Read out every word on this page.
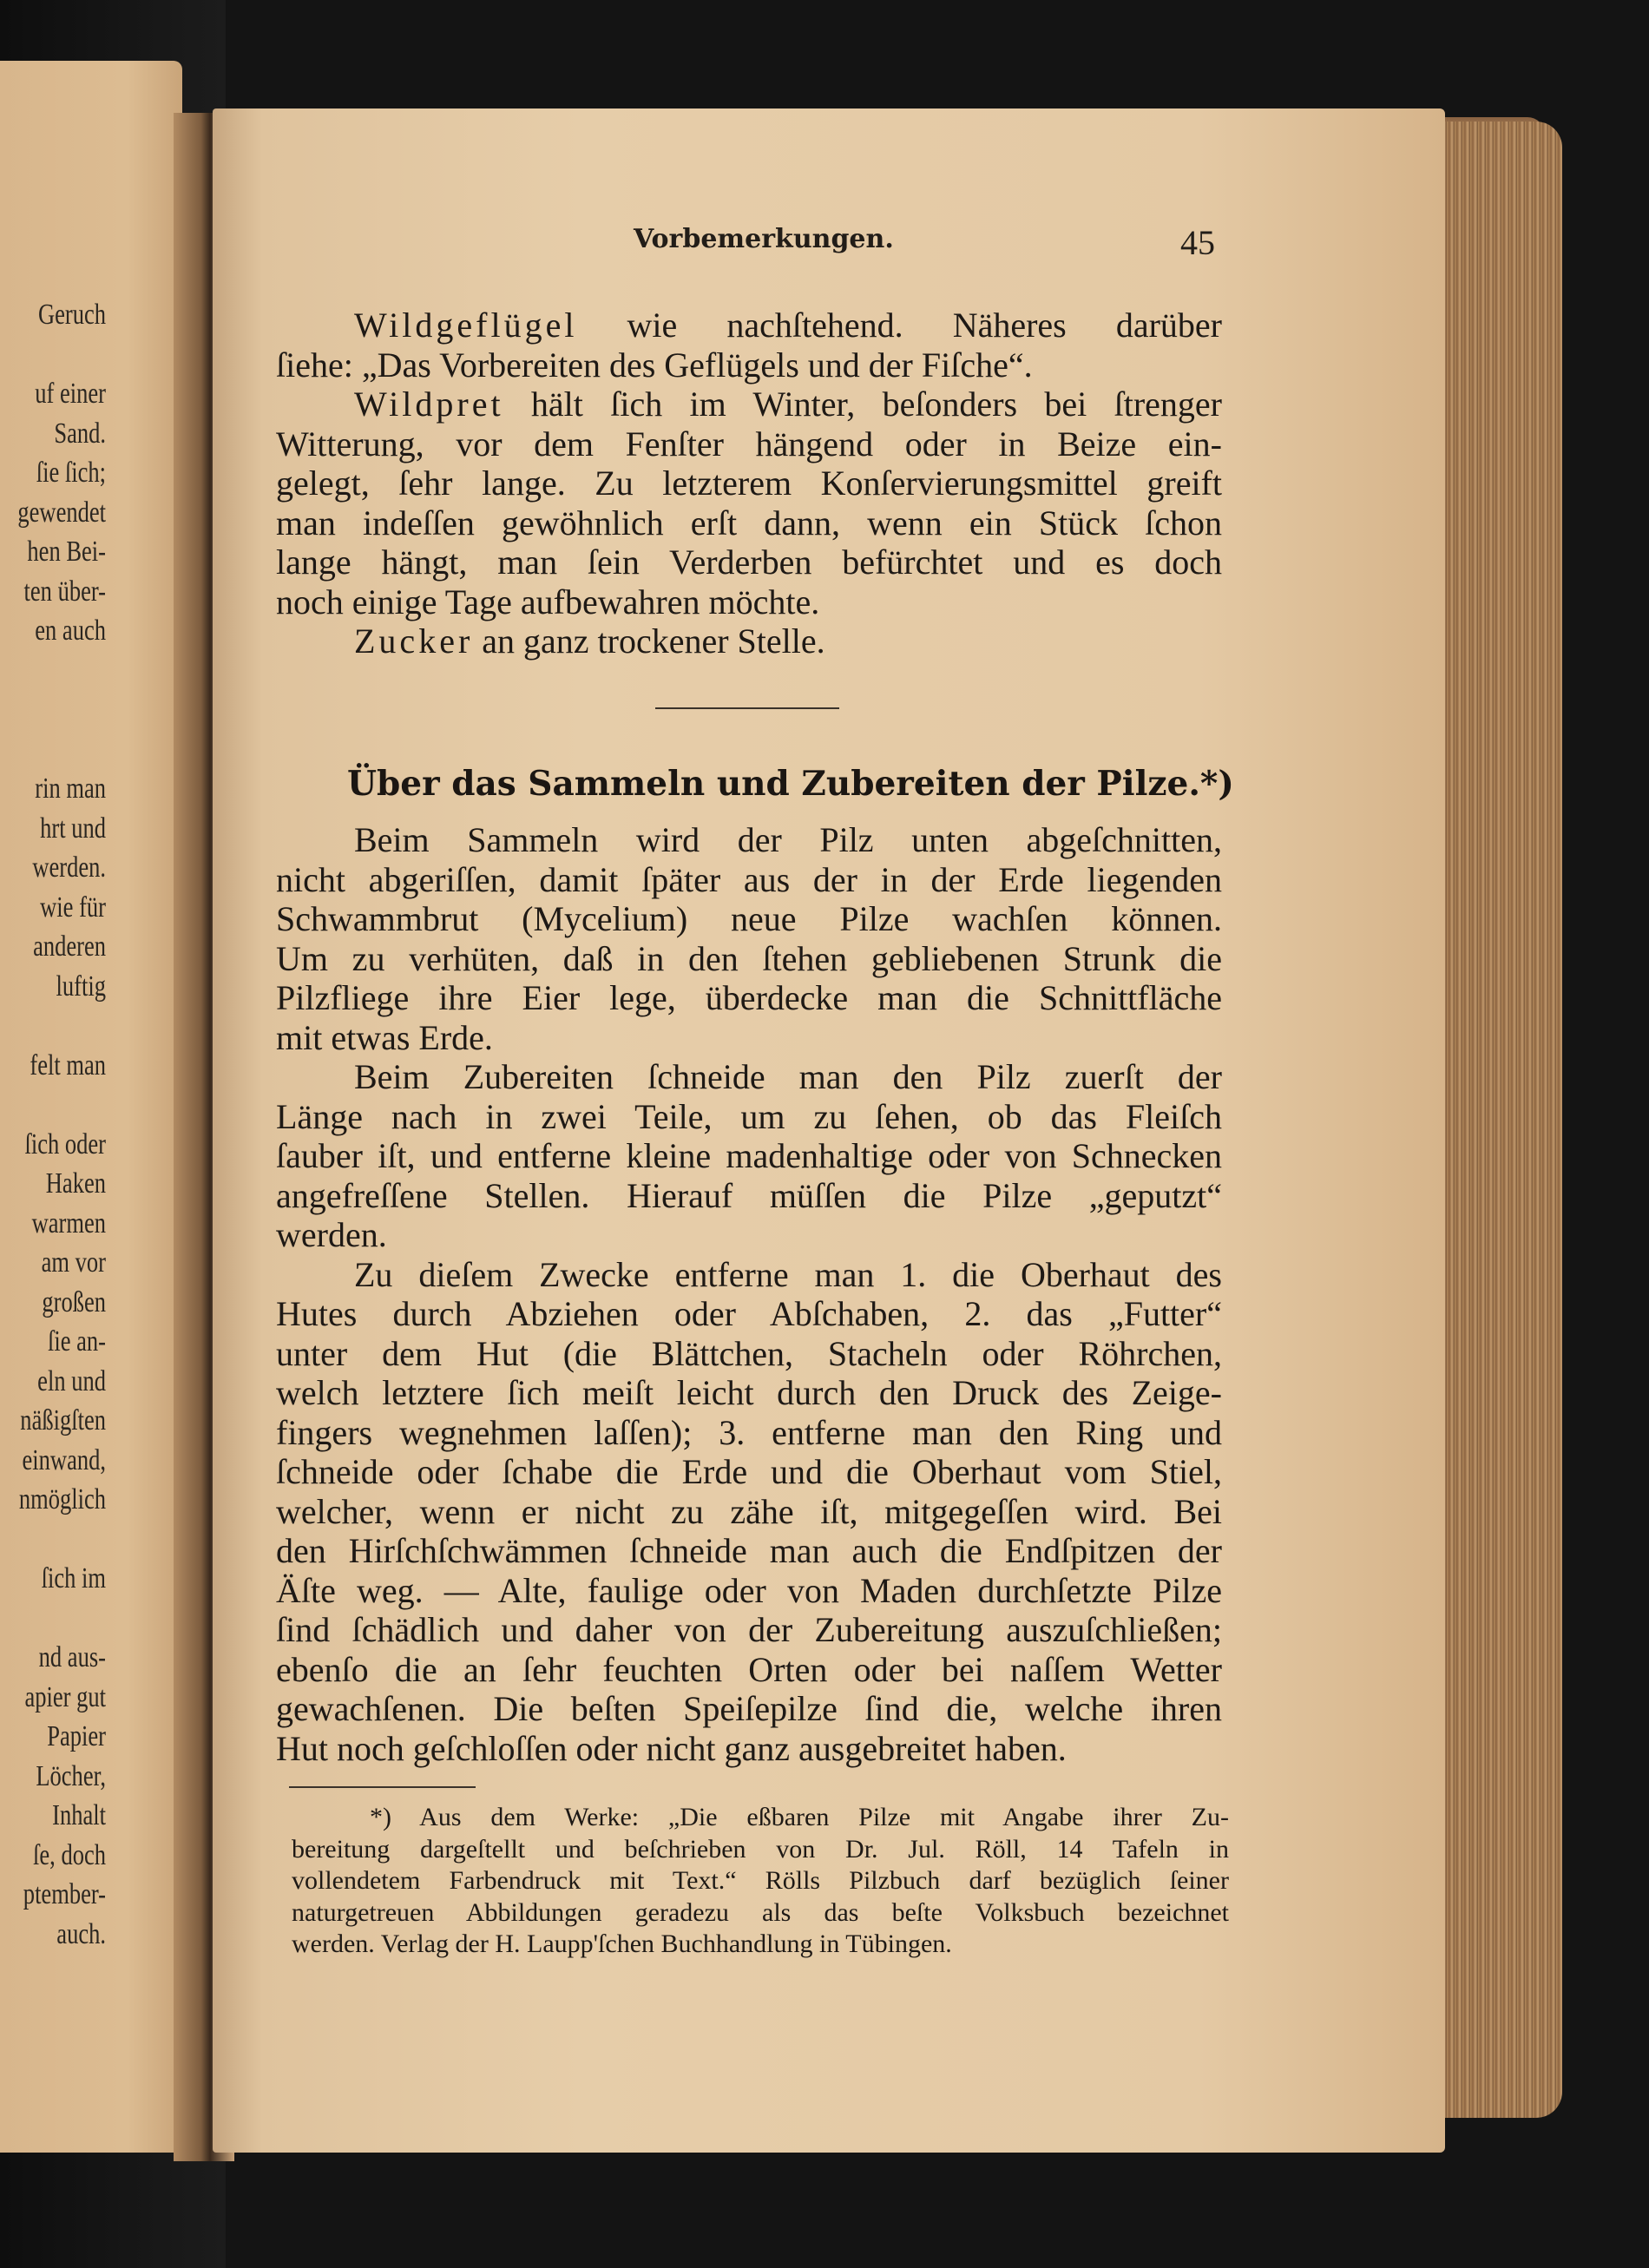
Geruch
uf einer
Sand.
ſie ſich;
gewendet
hen Bei-
ten über-
en auch
rin man
hrt und
werden.
wie für
anderen
luftig
felt man
ſich oder
Haken
warmen
am vor
großen
ſie an-
eln und
näßigſten
einwand,
nmöglich
ſich im
nd aus-
apier gut
Papier
Löcher,
Inhalt
ſe, doch
ptember-
auch.
Vorbemerkungen.	45
Wildgeflügel wie nachſtehend. Näheres darüber
ſiehe: „Das Vorbereiten des Geflügels und der Fiſche“.
Wildpret hält ſich im Winter, beſonders bei ſtrenger
Witterung, vor dem Fenſter hängend oder in Beize ein-
gelegt, ſehr lange. Zu letzterem Konſervierungsmittel greift
man indeſſen gewöhnlich erſt dann, wenn ein Stück ſchon
lange hängt, man ſein Verderben befürchtet und es doch
noch einige Tage aufbewahren möchte.
Zucker an ganz trockener Stelle.
Über das Sammeln und Zubereiten der Pilze.*)
Beim Sammeln wird der Pilz unten abgeſchnitten,
nicht abgeriſſen, damit ſpäter aus der in der Erde liegenden
Schwammbrut (Mycelium) neue Pilze wachſen können.
Um zu verhüten, daß in den ſtehen gebliebenen Strunk die
Pilzfliege ihre Eier lege, überdecke man die Schnittfläche
mit etwas Erde.
Beim Zubereiten ſchneide man den Pilz zuerſt der
Länge nach in zwei Teile, um zu ſehen, ob das Fleiſch
ſauber iſt, und entferne kleine madenhaltige oder von Schnecken
angefreſſene Stellen. Hierauf müſſen die Pilze „geputzt“
werden.
Zu dieſem Zwecke entferne man 1. die Oberhaut des
Hutes durch Abziehen oder Abſchaben, 2. das „Futter“
unter dem Hut (die Blättchen, Stacheln oder Röhrchen,
welch letztere ſich meiſt leicht durch den Druck des Zeige-
fingers wegnehmen laſſen); 3. entferne man den Ring und
ſchneide oder ſchabe die Erde und die Oberhaut vom Stiel,
welcher, wenn er nicht zu zähe iſt, mitgegeſſen wird. Bei
den Hirſchſchwämmen ſchneide man auch die Endſpitzen der
Äſte weg. — Alte, faulige oder von Maden durchſetzte Pilze
ſind ſchädlich und daher von der Zubereitung auszuſchließen;
ebenſo die an ſehr feuchten Orten oder bei naſſem Wetter
gewachſenen. Die beſten Speiſepilze ſind die, welche ihren
Hut noch geſchloſſen oder nicht ganz ausgebreitet haben.
*) Aus dem Werke: „Die eßbaren Pilze mit Angabe ihrer Zu-
bereitung dargeſtellt und beſchrieben von Dr. Jul. Röll, 14 Tafeln in
vollendetem Farbendruck mit Text.“ Rölls Pilzbuch darf bezüglich ſeiner
naturgetreuen Abbildungen geradezu als das beſte Volksbuch bezeichnet
werden. Verlag der H. Laupp'ſchen Buchhandlung in Tübingen.
